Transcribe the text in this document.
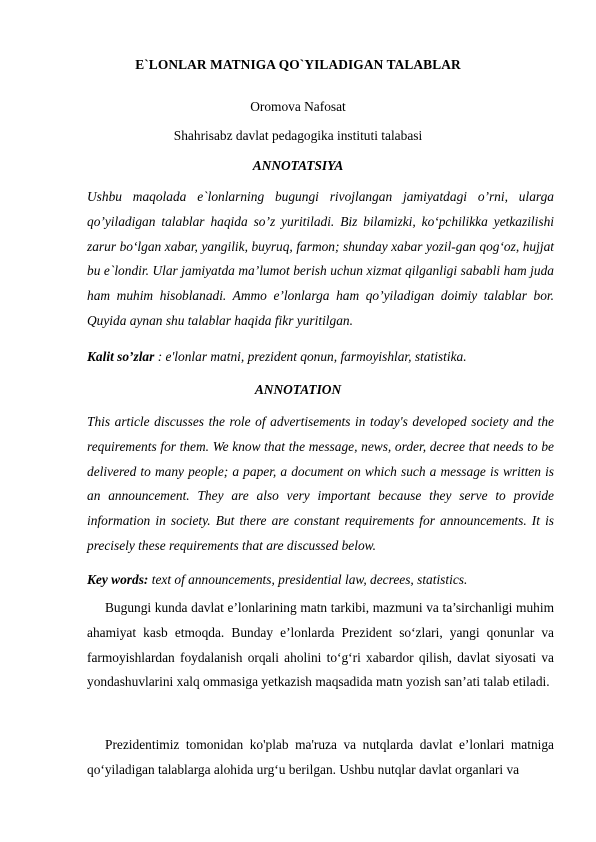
E`LONLAR MATNIGA QO`YILADIGAN TALABLAR
Oromova Nafosat
Shahrisabz davlat pedagogika instituti talabasi
ANNOTATSIYA
Ushbu maqolada e`lonlarning bugungi rivojlangan jamiyatdagi o’rni, ularga qo’yiladigan talablar haqida so’z yuritiladi. Biz bilamizki, ko‘pchilikka yetkazilishi zarur bo‘lgan xabar, yangilik, buyruq, farmon; shunday xabar yozil-gan qog‘oz, hujjat bu e`londir. Ular jamiyatda ma’lumot berish uchun xizmat qilganligi sababli ham juda ham muhim hisoblanadi. Ammo e’lonlarga ham qo’yiladigan doimiy talablar bor. Quyida aynan shu talablar haqida fikr yuritilgan.
Kalit so’zlar : e'lonlar matni, prezident qonun, farmoyishlar, statistika.
ANNOTATION
This article discusses the role of advertisements in today's developed society and the requirements for them. We know that the message, news, order, decree that needs to be delivered to many people; a paper, a document on which such a message is written is an announcement. They are also very important because they serve to provide information in society. But there are constant requirements for announcements. It is precisely these requirements that are discussed below.
Key words: text of announcements, presidential law, decrees, statistics.
Bugungi kunda davlat e’lonlarining matn tarkibi, mazmuni va ta’sirchanligi muhim ahamiyat kasb etmoqda. Bunday e’lonlarda Prezident so‘zlari, yangi qonunlar va farmoyishlardan foydalanish orqali aholini to‘g‘ri xabardor qilish, davlat siyosati va yondashuvlarini xalq ommasiga yetkazish maqsadida matn yozish san’ati talab etiladi.
Prezidentimiz tomonidan ko'plab ma'ruza va nutqlarda davlat e’lonlari matniga qo‘yiladigan talablarga alohida urg‘u berilgan. Ushbu nutqlar davlat organlari va
